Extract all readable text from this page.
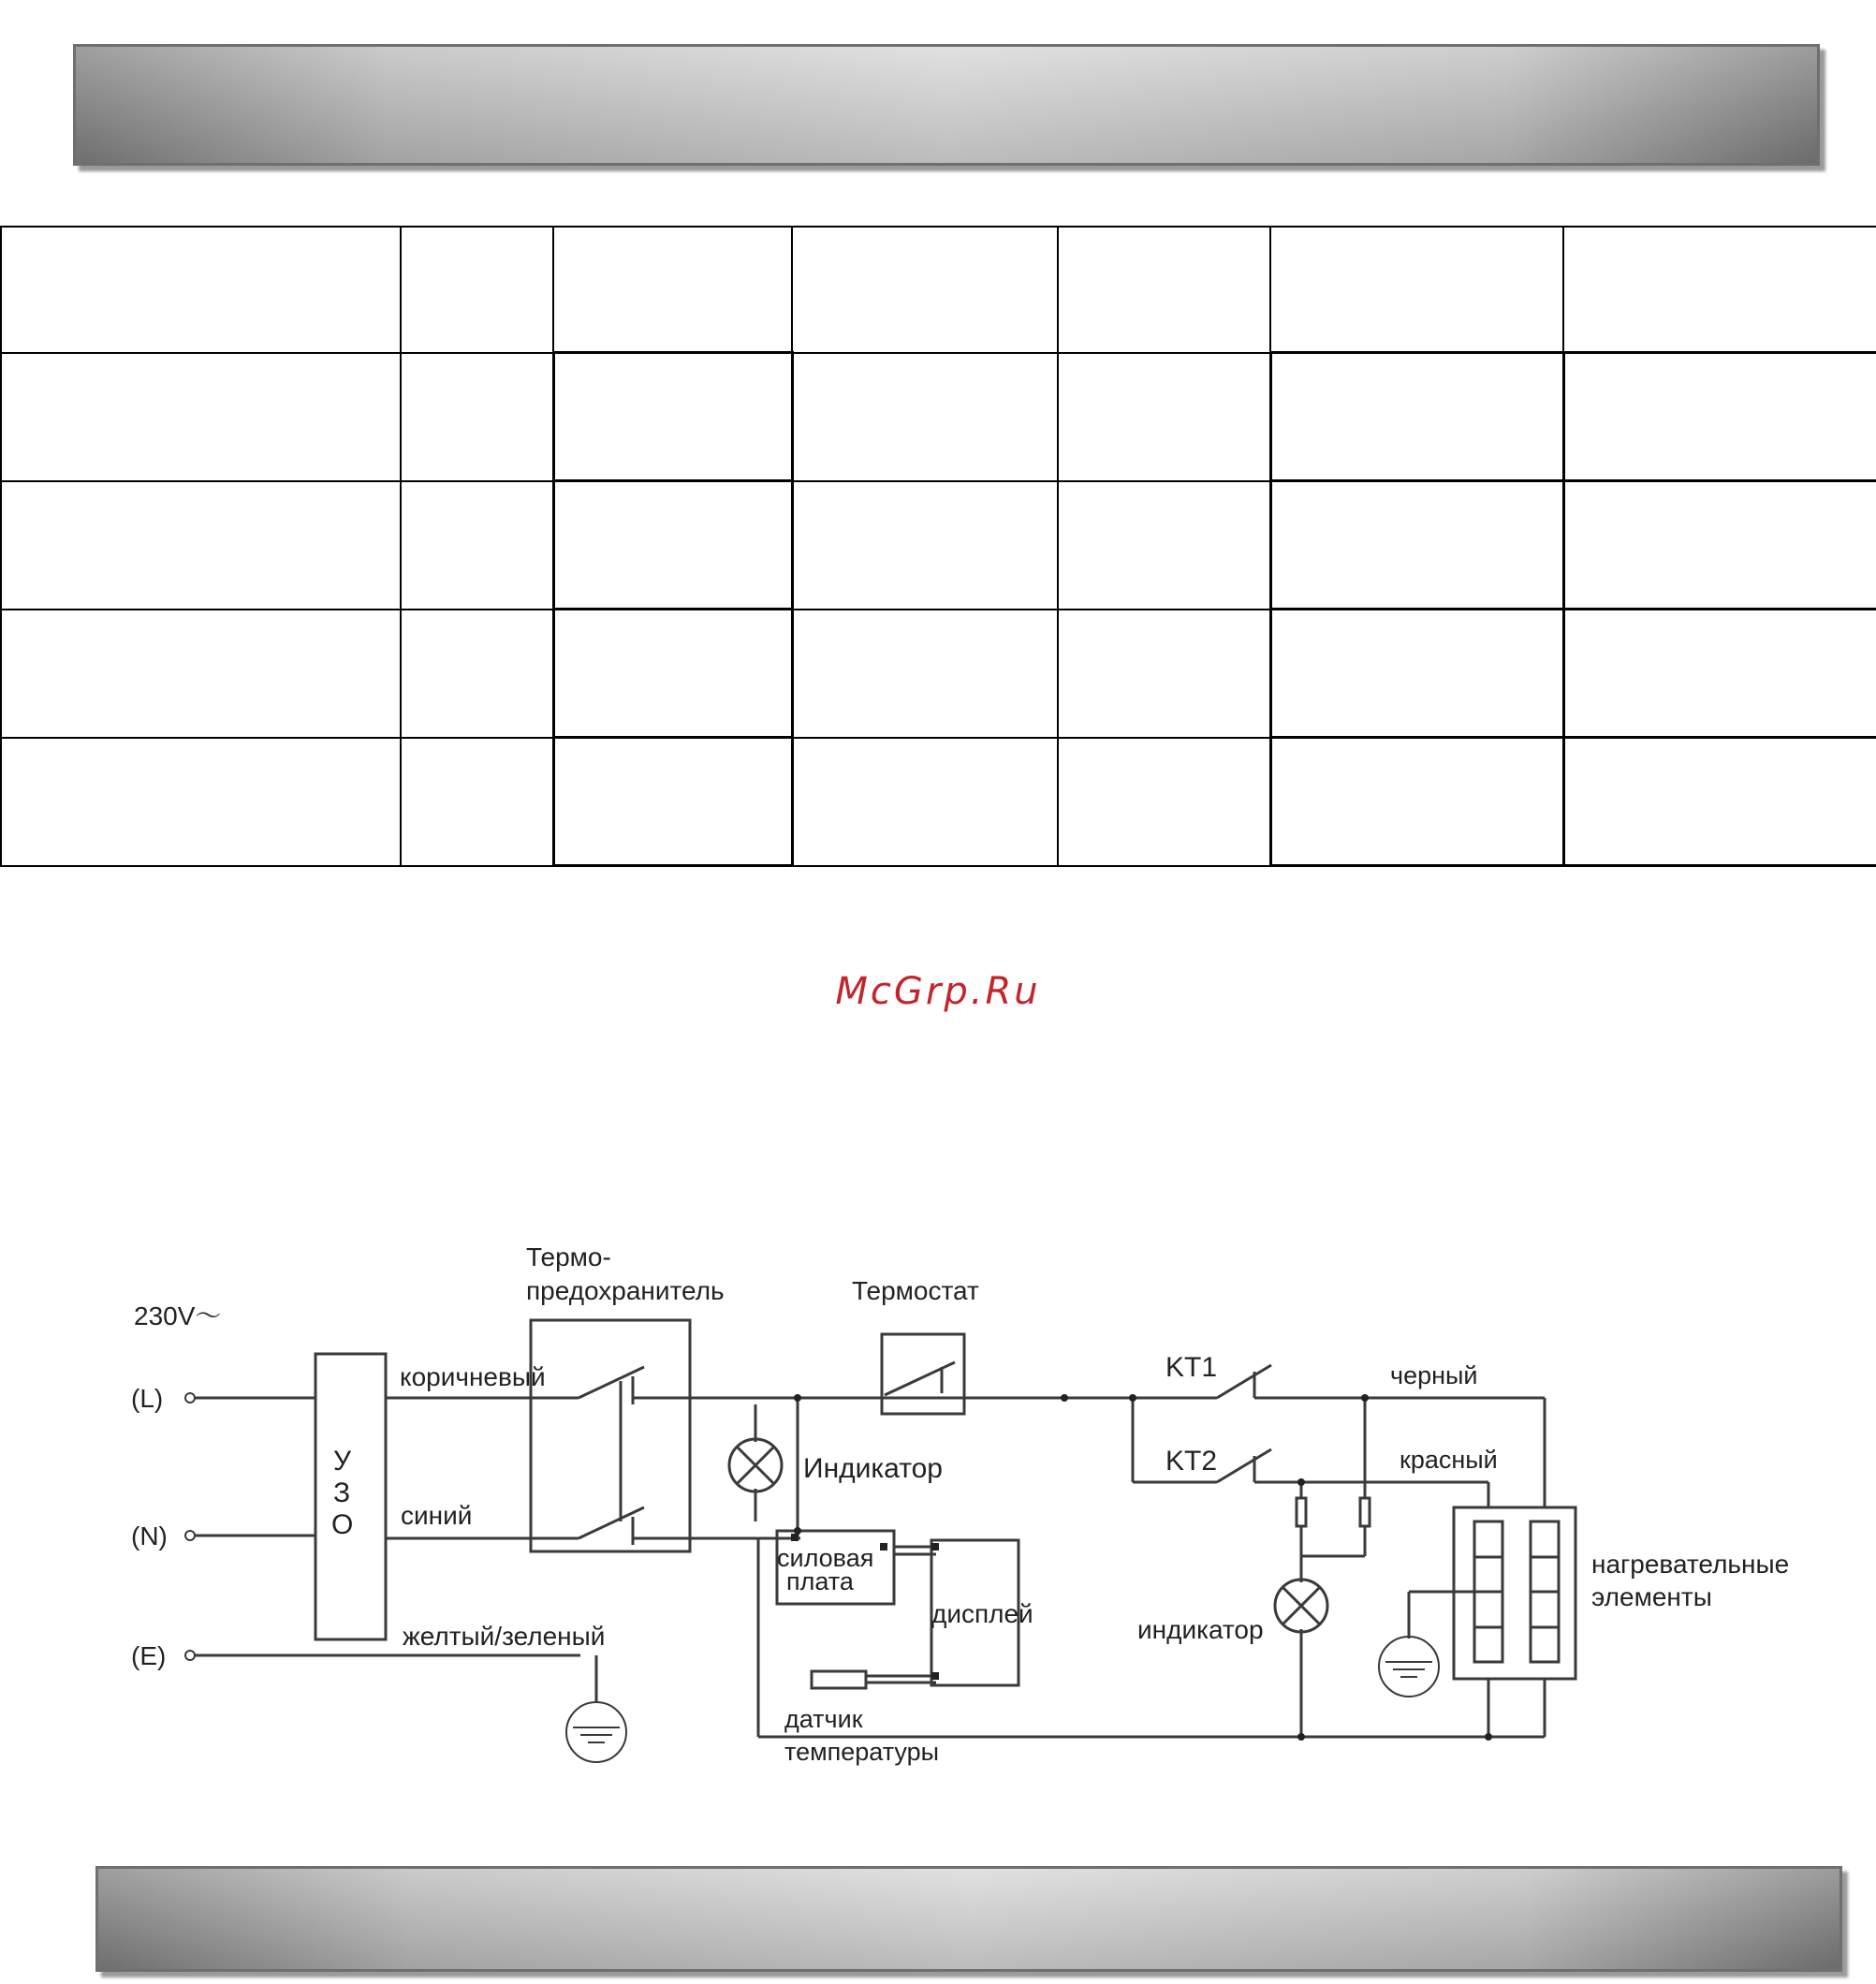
McGrp.Ru
230V～
(L)
(N)
(E)
У
З
О
коричневый
синий
желтый/зеленый
Термо-
предохранитель	Термостат
Индикатор
силовая
плата
дисплей
датчик
температуры
KT1
KT2
черный
красный
индикатор
нагревательные
элементы
